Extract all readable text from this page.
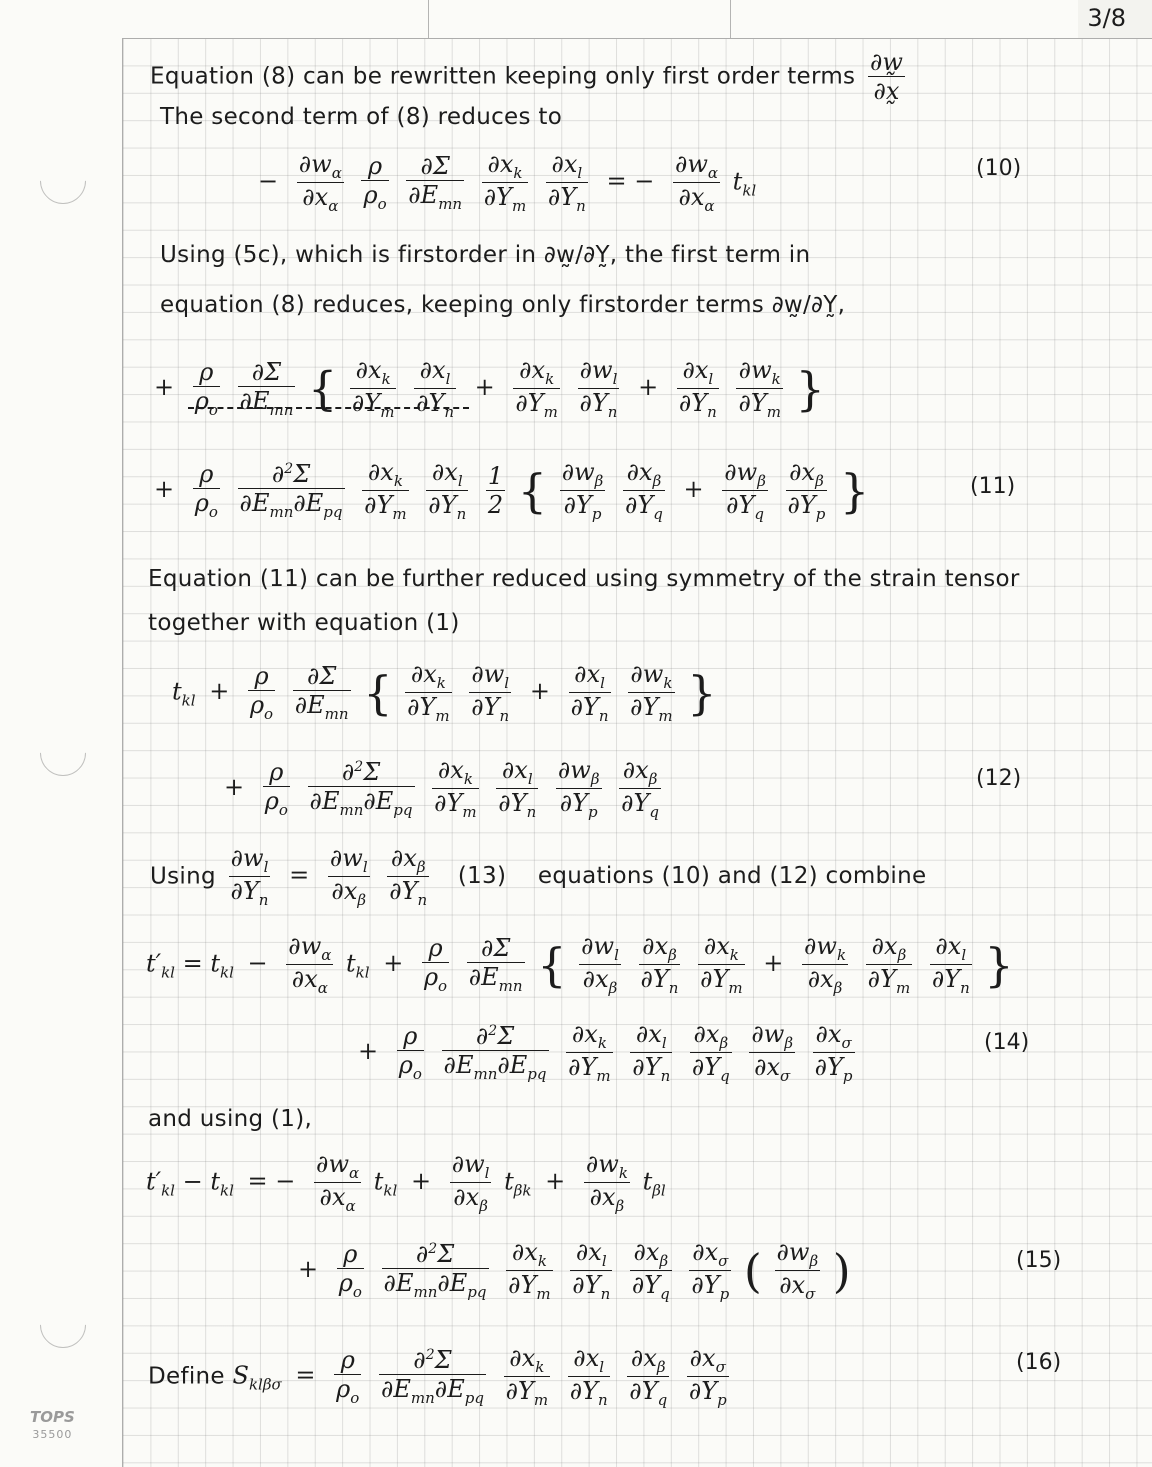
3/8
TOPS
35500
Equation (8) can be rewritten keeping only first order terms $\frac{\partial w̰}{\partial x̰}$
The second term of (8) reduces to
− $\frac{\partial w_\alpha}{\partial x_\alpha}$
$\frac{\rho}{\rho_o}$
$\frac{\partial\Sigma}{\partial E_{mn}}$
$\frac{\partial x_k}{\partial Y_m}$
$\frac{\partial x_l}{\partial Y_n}$ = − $\frac{\partial w_\alpha}{\partial x_\alpha} t_{kl}$
(10)
Using (5c), which is firstorder in ∂w̰/∂Y̰, the first term in
equation (8) reduces, keeping only firstorder terms ∂w̰/∂Y̰,
+ $\frac{\rho}{\rho_o}$
$\frac{\partial\Sigma}{\partial E_{mn}}$ { $\frac{\partial x_k}{\partial Y_m}$
$\frac{\partial x_l}{\partial Y_n} + \frac{\partial x_k}{\partial Y_m}$
$\frac{\partial w_l}{\partial Y_n} + \frac{\partial x_l}{\partial Y_n}$
$\frac{\partial w_k}{\partial Y_m}$ }
+ $\frac{\rho}{\rho_o}$
$\frac{\partial^2\Sigma}{\partial E_{mn}\partial E_{pq}}$
$\frac{\partial x_k}{\partial Y_m}$
$\frac{\partial x_l}{\partial Y_n}$
$\frac{1}{2}$ { $\frac{\partial w_\beta}{\partial Y_p}$
$\frac{\partial x_\beta}{\partial Y_q} + \frac{\partial w_\beta}{\partial Y_q}$
$\frac{\partial x_\beta}{\partial Y_p}$ }	(11)
Equation (11) can be further reduced using symmetry of the strain tensor
together with equation (1)
$t_{kl} + \frac{\rho}{\rho_o}$
$\frac{\partial\Sigma}{\partial E_{mn}}$ { $\frac{\partial x_k}{\partial Y_m}$
$\frac{\partial w_l}{\partial Y_n} + \frac{\partial x_l}{\partial Y_n}$
$\frac{\partial w_k}{\partial Y_m}$ }
+ $\frac{\rho}{\rho_o}$
$\frac{\partial^2\Sigma}{\partial E_{mn}\partial E_{pq}}$
$\frac{\partial x_k}{\partial Y_m}$
$\frac{\partial x_l}{\partial Y_n}$
$\frac{\partial w_\beta}{\partial Y_p}$
$\frac{\partial x_\beta}{\partial Y_q}$	(12)
Using $\frac{\partial w_l}{\partial Y_n} = \frac{\partial w_l}{\partial x_\beta}$
$\frac{\partial x_\beta}{\partial Y_n} (13)$ equations (10) and (12) combine
$t'_{kl} = t_{kl} - \frac{\partial w_\alpha}{\partial x_\alpha} t_{kl} + \frac{\rho}{\rho_o}$
$\frac{\partial\Sigma}{\partial E_{mn}}$ { $\frac{\partial w_l}{\partial x_\beta}$
$\frac{\partial x_\beta}{\partial Y_n}$
$\frac{\partial x_k}{\partial Y_m} + \frac{\partial w_k}{\partial x_\beta}$
$\frac{\partial x_\beta}{\partial Y_m}$
$\frac{\partial x_l}{\partial Y_n}$ }
+ $\frac{\rho}{\rho_o}$
$\frac{\partial^2\Sigma}{\partial E_{mn}\partial E_{pq}}$
$\frac{\partial x_k}{\partial Y_m}$
$\frac{\partial x_l}{\partial Y_n}$
$\frac{\partial x_\beta}{\partial Y_q}$
$\frac{\partial w_\beta}{\partial x_\sigma}$
$\frac{\partial x_\sigma}{\partial Y_p}$	(14)
and using (1),
$t'_{kl} - t_{kl}$ = − $\frac{\partial w_\alpha}{\partial x_\alpha} t_{kl} + \frac{\partial w_l}{\partial x_\beta} t_{\beta k} + \frac{\partial w_k}{\partial x_\beta} t_{\beta l}$
+ $\frac{\rho}{\rho_o}$
$\frac{\partial^2\Sigma}{\partial E_{mn}\partial E_{pq}}$
$\frac{\partial x_k}{\partial Y_m}$
$\frac{\partial x_l}{\partial Y_n}$
$\frac{\partial x_\beta}{\partial Y_q}$
$\frac{\partial x_\sigma}{\partial Y_p}$ ( $\frac{\partial w_\beta}{\partial x_\sigma}$ )	(15)
Define $S_{kl\beta\sigma} = \frac{\rho}{\rho_o}$
$\frac{\partial^2\Sigma}{\partial E_{mn}\partial E_{pq}}$
$\frac{\partial x_k}{\partial Y_m}$
$\frac{\partial x_l}{\partial Y_n}$
$\frac{\partial x_\beta}{\partial Y_q}$
$\frac{\partial x_\sigma}{\partial Y_p}$	(16)
